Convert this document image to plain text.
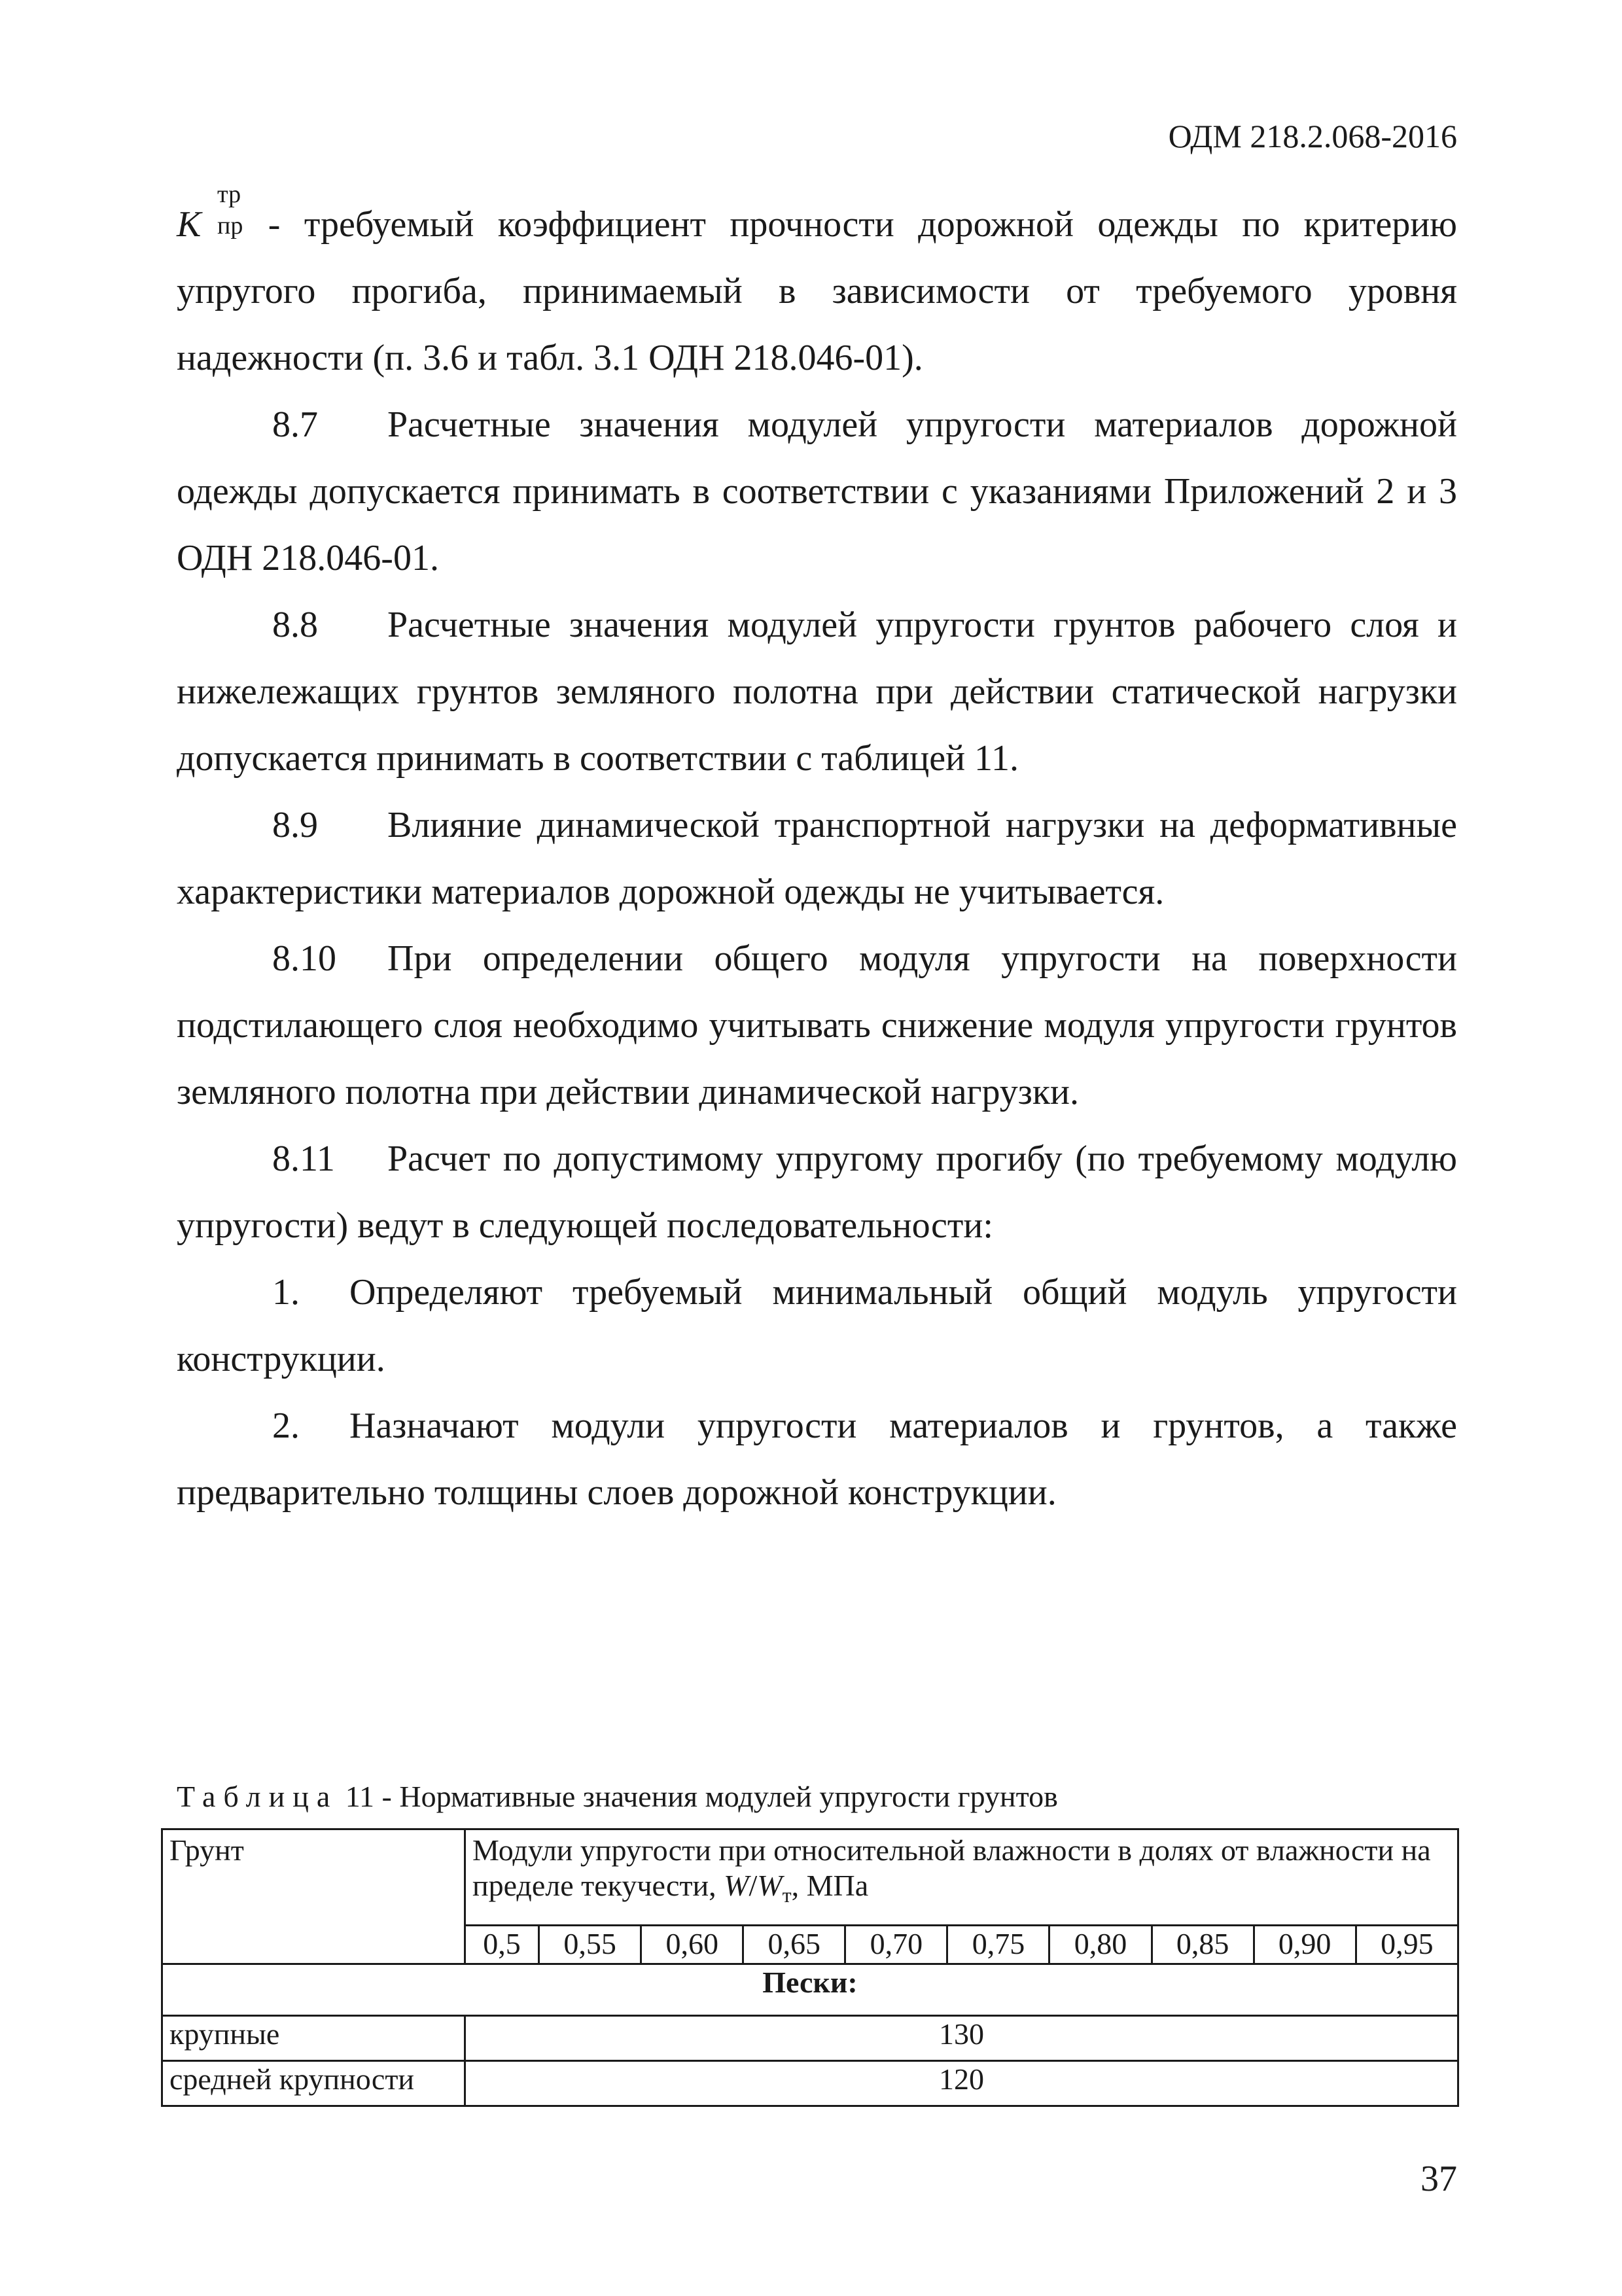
ОДМ 218.2.068-2016

K
тр
пр - требуемый коэффициент прочности дорожной одежды по критерию упругого прогиба, принимаемый в зависимости от требуемого уровня надежности (п. 3.6 и табл. 3.1 ОДН 218.046-01).

8.7 Расчетные значения модулей упругости материалов дорожной одежды допускается принимать в соответствии с указаниями Приложений 2 и 3 ОДН 218.046-01.

8.8 Расчетные значения модулей упругости грунтов рабочего слоя и нижележащих грунтов земляного полотна при действии статической нагрузки допускается принимать в соответствии с таблицей 11.

8.9 Влияние динамической транспортной нагрузки на деформативные характеристики материалов дорожной одежды не учитывается.

8.10 При определении общего модуля упругости на поверхности подстилающего слоя необходимо учитывать снижение модуля упругости грунтов земляного полотна при действии динамической нагрузки.

8.11 Расчет по допустимому упругому прогибу (по требуемому модулю упругости) ведут в следующей последовательности:

1. Определяют требуемый минимальный общий модуль упругости конструкции.

2. Назначают модули упругости материалов и грунтов, а также предварительно толщины слоев дорожной конструкции.

Таблица 11 - Нормативные значения модулей упругости грунтов
Грунт	Модули упругости при относительной влажности в долях от влажности на пределе текучести, $W/W_т$, МПа									
	0,5	0,55	0,60	0,65	0,70	0,75	0,80	0,85	0,90	0,95
Пески:										
крупные	130									
средней крупности	120									
37
